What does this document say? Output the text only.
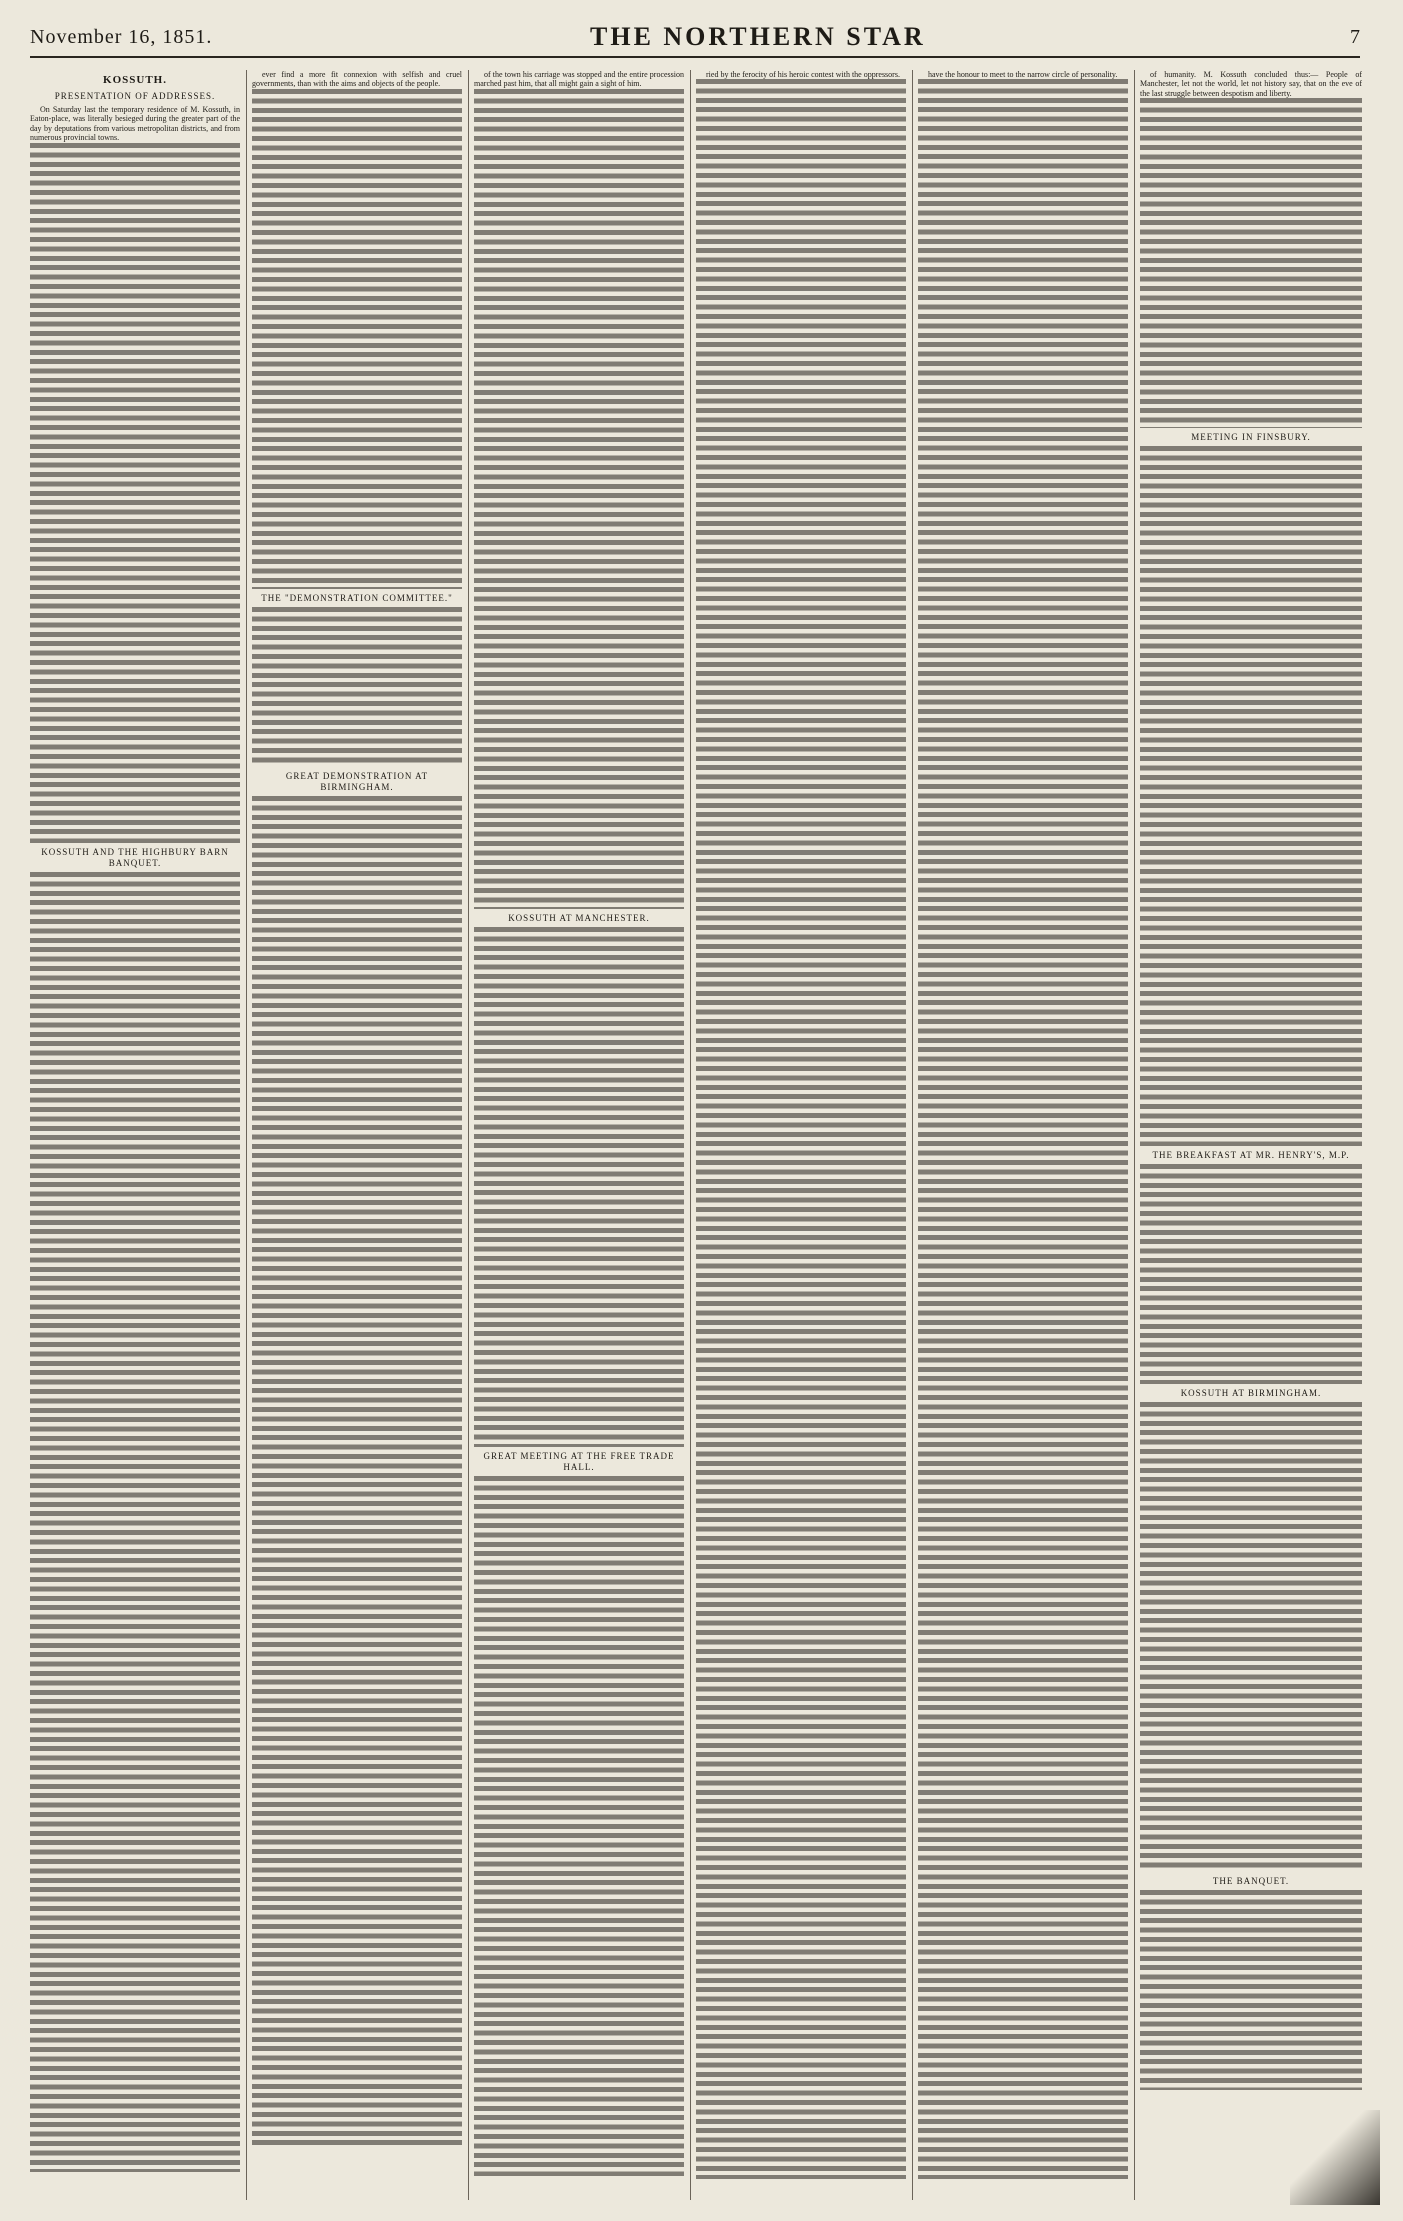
November 16, 1851.	THE NORTHERN STAR	7
KOSSUTH.
PRESENTATION OF ADDRESSES.

On Saturday last the temporary residence of M. Kossuth, in Eaton-place, was literally besieged during the greater part of the day by deputations from various metropolitan districts, and from numerous provincial towns.

KOSSUTH AND THE HIGHBURY BARN BANQUET.

ever find a more fit connexion with selfish and cruel governments, than with the aims and objects of the people.

THE "DEMONSTRATION COMMITTEE."
GREAT DEMONSTRATION AT BIRMINGHAM.

of the town his carriage was stopped and the entire procession marched past him, that all might gain a sight of him.

KOSSUTH AT MANCHESTER.
GREAT MEETING AT THE FREE TRADE HALL.

ried by the ferocity of his heroic contest with the oppressors.	have the honour to meet to the narrow circle of personality.	of humanity. M. Kossuth concluded thus:— People of Manchester, let not the world, let not history say, that on the eve of the last struggle between despotism and liberty.

MEETING IN FINSBURY.
THE BREAKFAST AT MR. HENRY'S, M.P.
KOSSUTH AT BIRMINGHAM.
THE BANQUET.
